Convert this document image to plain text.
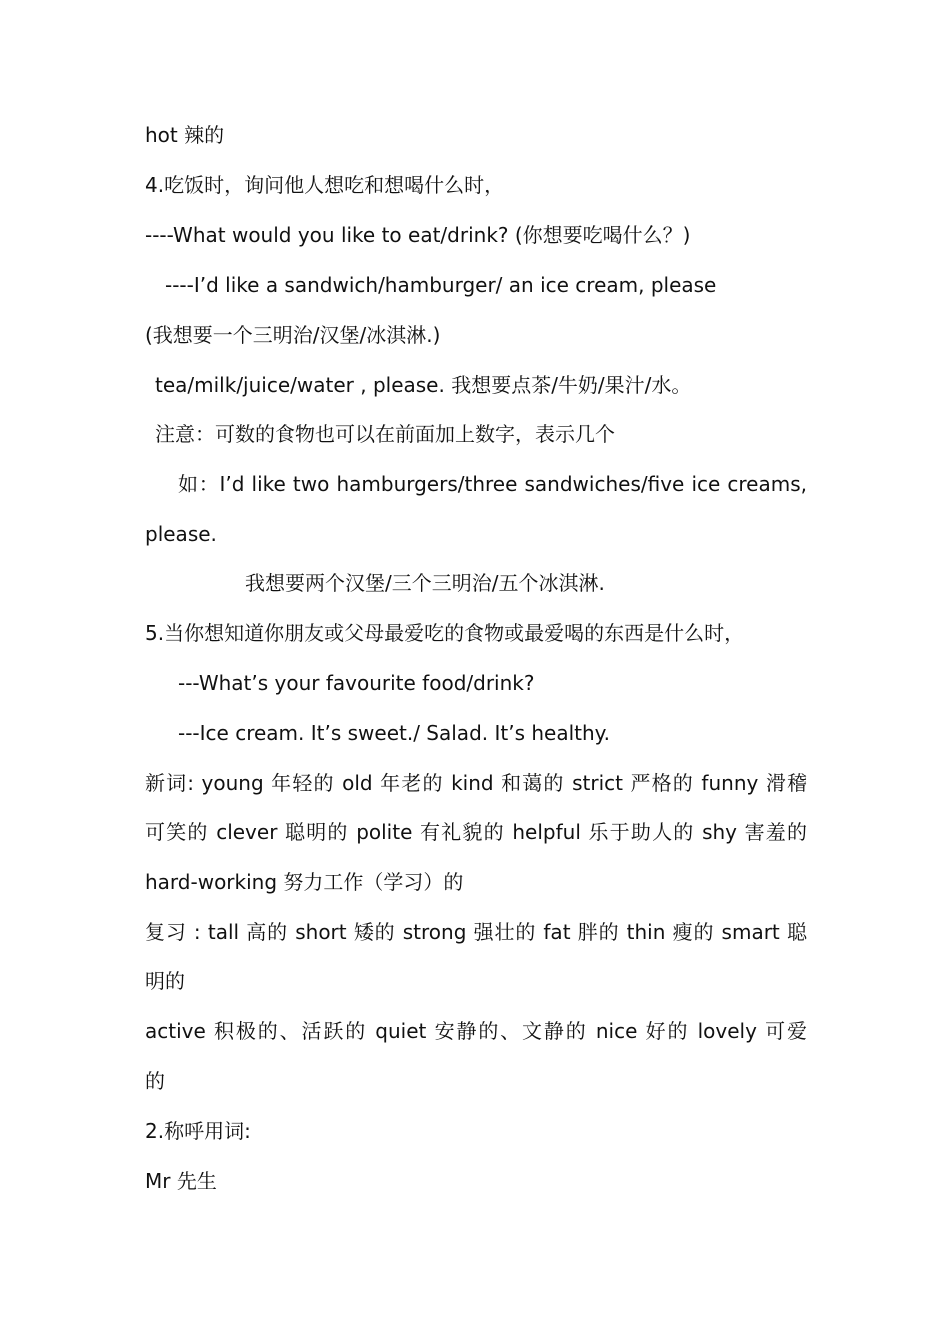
hot 辣的
4.吃饭时，询问他人想吃和想喝什么时，
----What would you like to eat/drink? (你想要吃喝什么？)
----I’d like a sandwich/hamburger/ an ice cream, please
(我想要一个三明治/汉堡/冰淇淋.)
tea/milk/juice/water , please. 我想要点茶/牛奶/果汁/水。
注意：可数的食物也可以在前面加上数字，表示几个
如：I’d like two hamburgers/three sandwiches/five ice creams,
please.
我想要两个汉堡/三个三明治/五个冰淇淋.
5.当你想知道你朋友或父母最爱吃的食物或最爱喝的东西是什么时，
---What’s your favourite food/drink?
---Ice cream. It’s sweet./ Salad. It’s healthy.
新词: young 年轻的 old 年老的 kind 和蔼的 strict 严格的 funny 滑稽
可笑的 clever 聪明的 polite 有礼貌的 helpful 乐于助人的 shy 害羞的
hard-working 努力工作（学习）的
复习 : tall 高的 short 矮的 strong 强壮的 fat 胖的 thin 瘦的 smart 聪
明的
active 积极的、活跃的 quiet 安静的、文静的 nice 好的 lovely 可爱
的
2.称呼用词:
Mr 先生
